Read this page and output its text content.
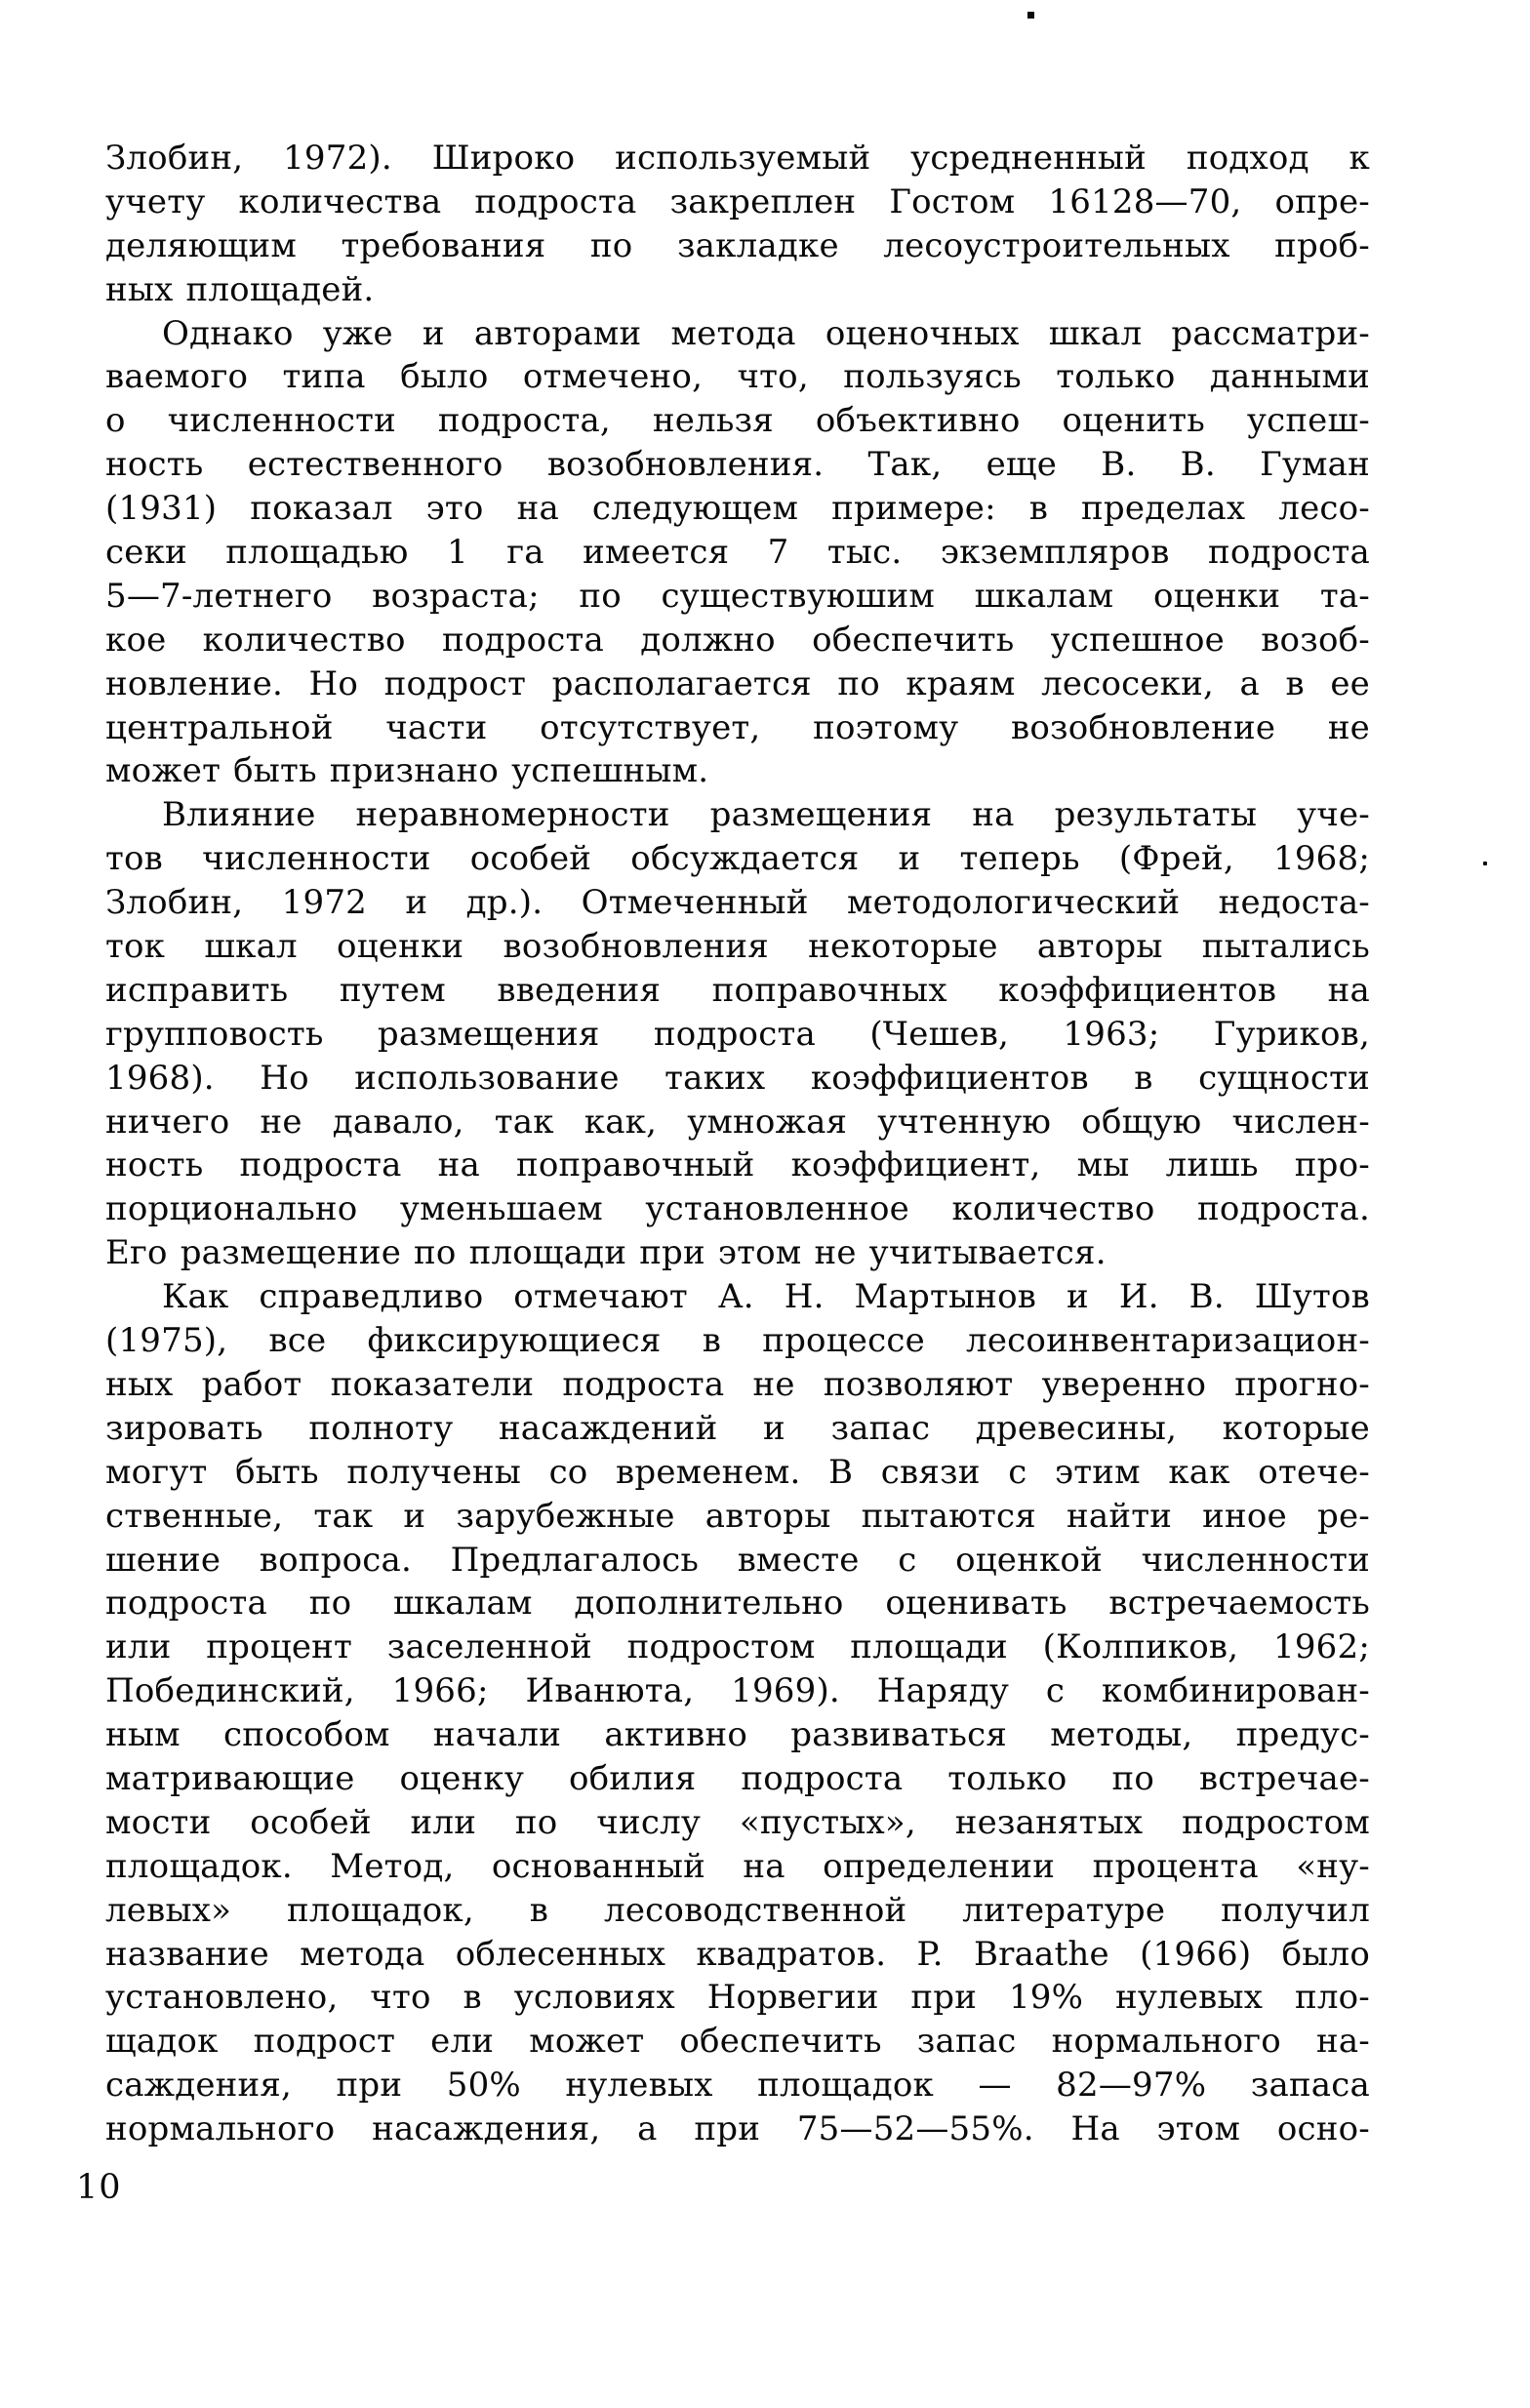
Злобин, 1972). Широко используемый усредненный подход к
учету количества подроста закреплен Гостом 16128—70, опре-
деляющим требования по закладке лесоустроительных проб-
ных площадей.
Однако уже и авторами метода оценочных шкал рассматри-
ваемого типа было отмечено, что, пользуясь только данными
о численности подроста, нельзя объективно оценить успеш-
ность естественного возобновления. Так, еще В. В. Гуман
(1931) показал это на следующем примере: в пределах лесо-
секи площадью 1 га имеется 7 тыс. экземпляров подроста
5—7-летнего возраста; по существуюшим шкалам оценки та-
кое количество подроста должно обеспечить успешное возоб-
новление. Но подрост располагается по краям лесосеки, а в ее
центральной части отсутствует, поэтому возобновление не
может быть признано успешным.
Влияние неравномерности размещения на результаты уче-
тов численности особей обсуждается и теперь (Фрей, 1968;
Злобин, 1972 и др.). Отмеченный методологический недоста-
ток шкал оценки возобновления некоторые авторы пытались
исправить путем введения поправочных коэффициентов на
групповость размещения подроста (Чешев, 1963; Гуриков,
1968). Но использование таких коэффициентов в сущности
ничего не давало, так как, умножая учтенную общую числен-
ность подроста на поправочный коэффициент, мы лишь про-
порционально уменьшаем установленное количество подроста.
Его размещение по площади при этом не учитывается.
Как справедливо отмечают А. Н. Мартынов и И. В. Шутов
(1975), все фиксирующиеся в процессе лесоинвентаризацион-
ных работ показатели подроста не позволяют уверенно прогно-
зировать полноту насаждений и запас древесины, которые
могут быть получены со временем. В связи с этим как отече-
ственные, так и зарубежные авторы пытаются найти иное ре-
шение вопроса. Предлагалось вместе с оценкой численности
подроста по шкалам дополнительно оценивать встречаемость
или процент заселенной подростом площади (Колпиков, 1962;
Побединский, 1966; Иванюта, 1969). Наряду с комбинирован-
ным способом начали активно развиваться методы, предус-
матривающие оценку обилия подроста только по встречае-
мости особей или по числу «пустых», незанятых подростом
площадок. Метод, основанный на определении процента «ну-
левых» площадок, в лесоводственной литературе получил
название метода облесенных квадратов. P. Braathe (1966) было
установлено, что в условиях Норвегии при 19% нулевых пло-
щадок подрост ели может обеспечить запас нормального на-
саждения, при 50% нулевых площадок — 82—97% запаса
нормального насаждения, а при 75—52—55%. На этом осно-
10
